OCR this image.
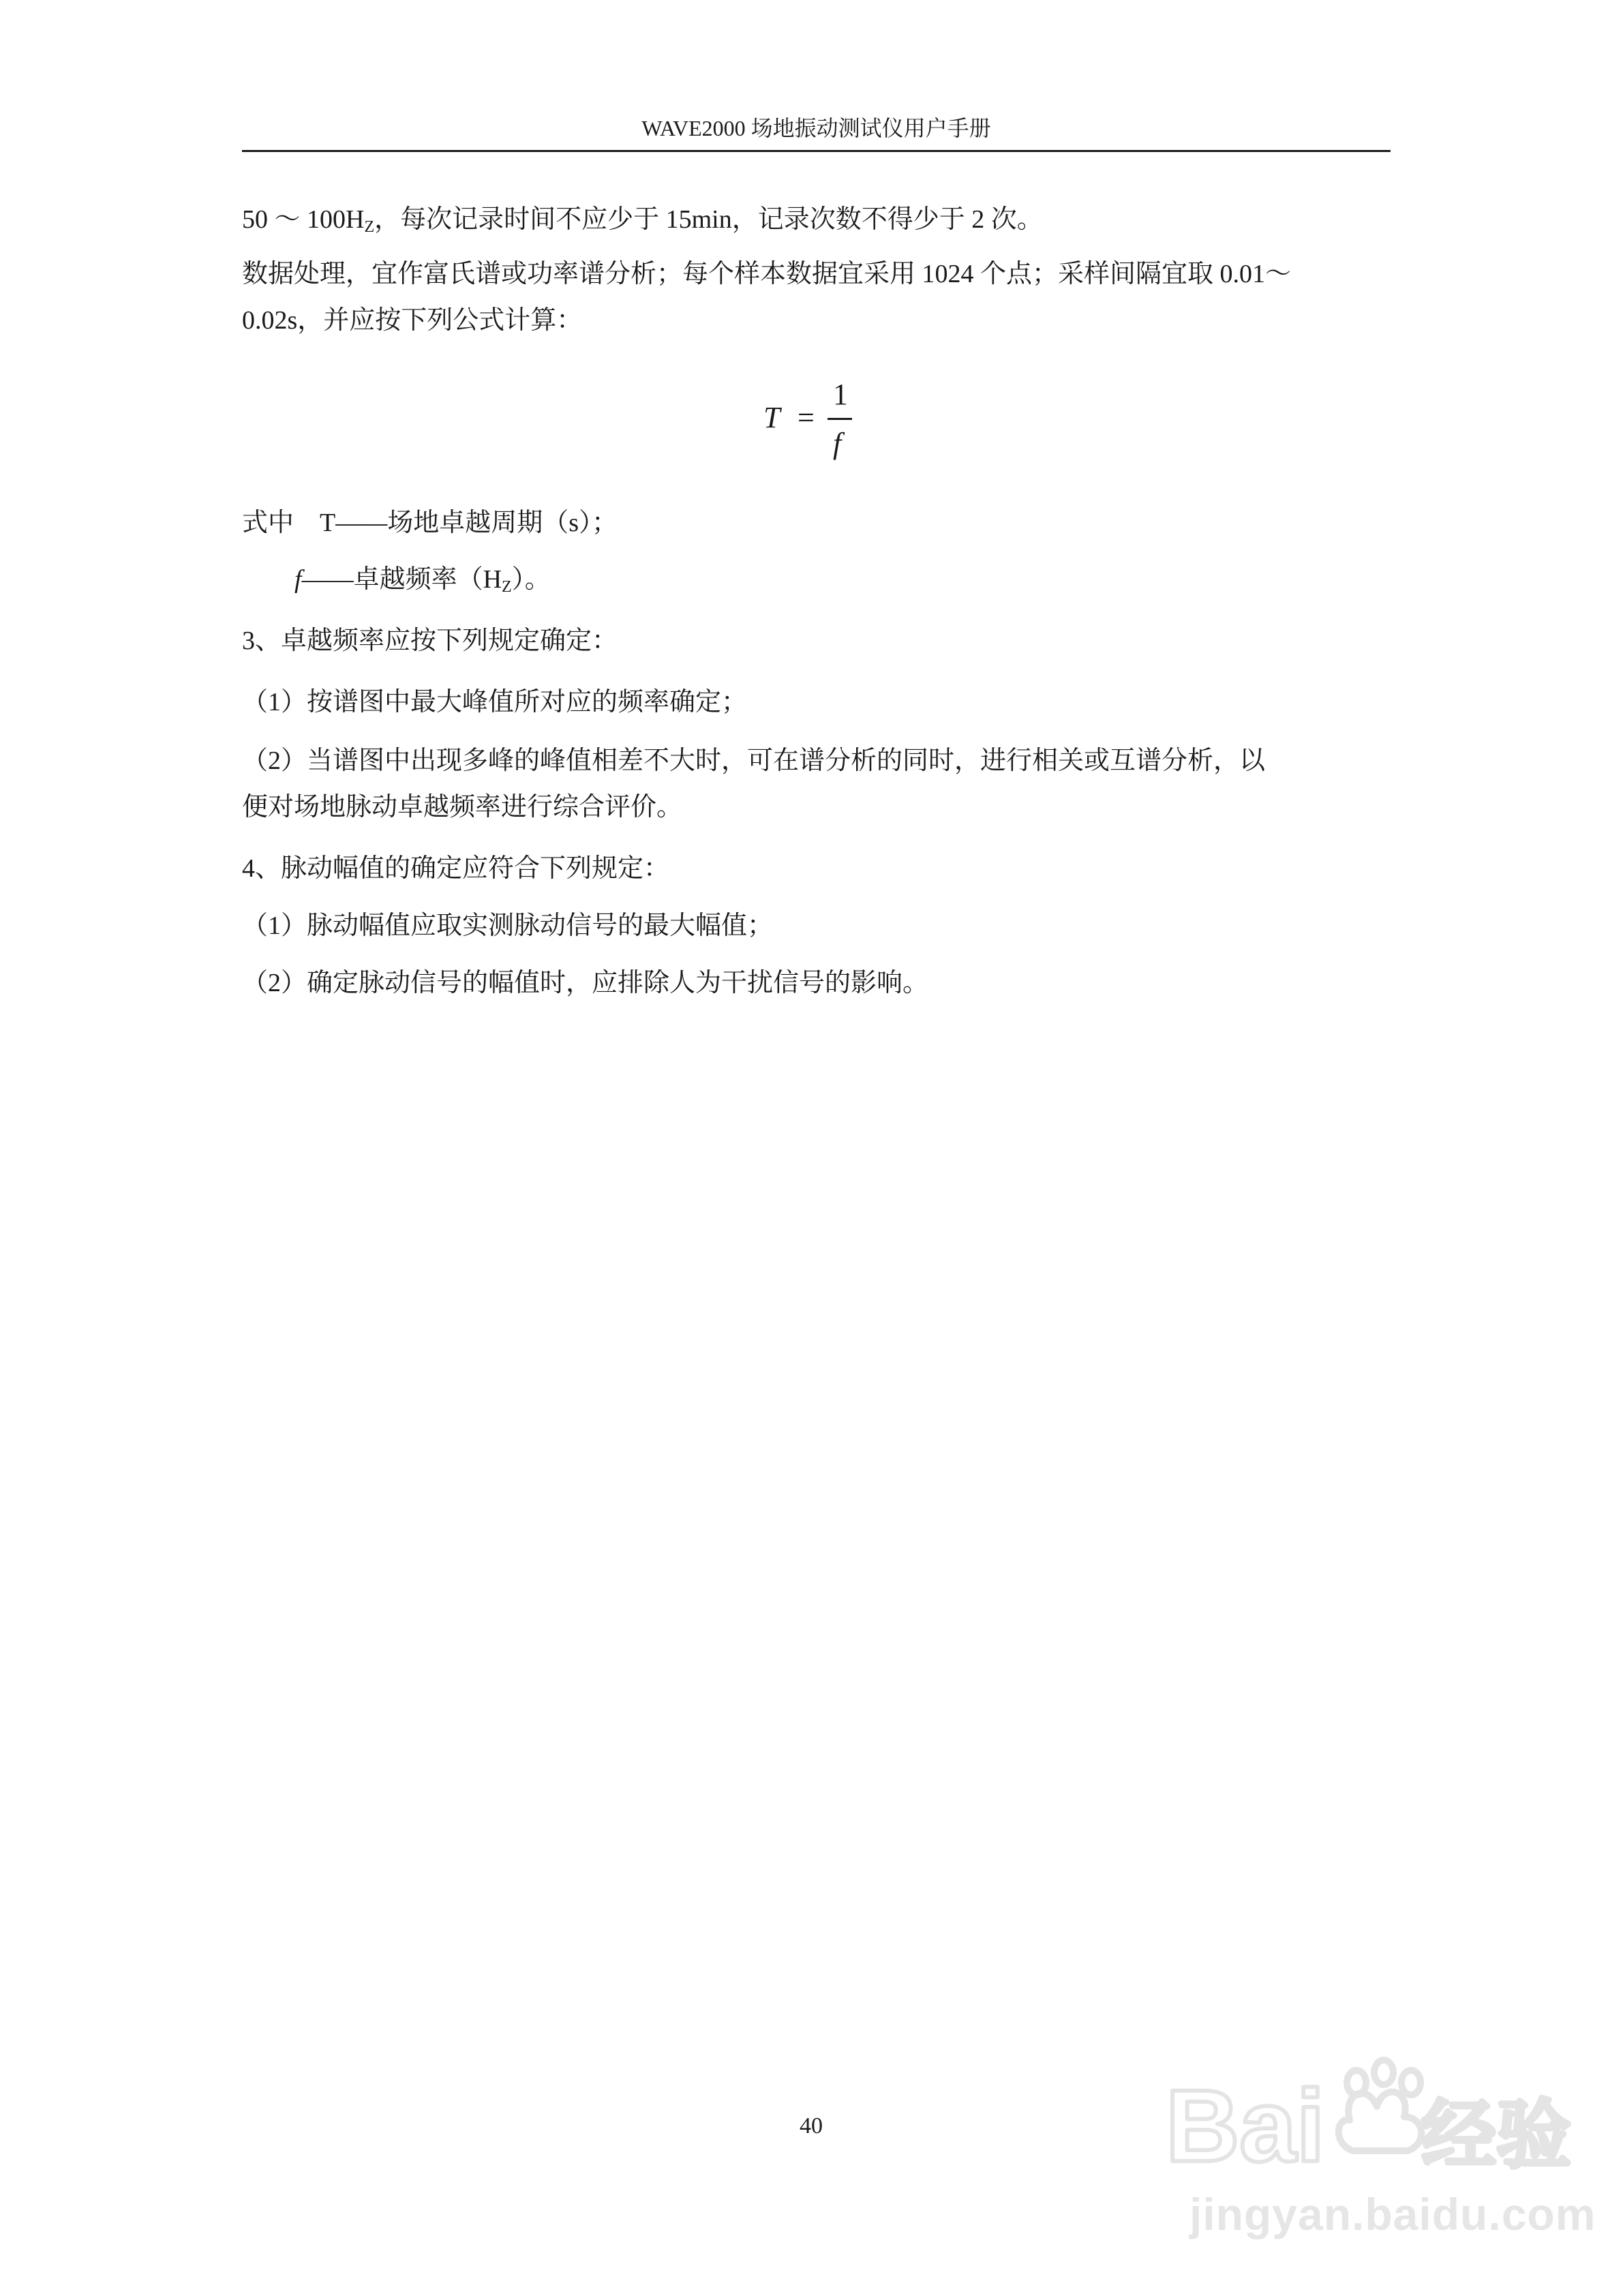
WAVE2000 场地振动测试仪用户手册
50 ～ $100H_Z$，每次记录时间不应少于 15min，记录次数不得少于 2 次。
数据处理，宜作富氏谱或功率谱分析；每个样本数据宜采用 1024 个点；采样间隔宜取 0.01～
0.02s，并应按下列公式计算：
T =
1
f
式中　T——场地卓越周期（s）；
f——卓越频率$(H_Z)$。
3、卓越频率应按下列规定确定：
（1）按谱图中最大峰值所对应的频率确定；
（2）当谱图中出现多峰的峰值相差不大时，可在谱分析的同时，进行相关或互谱分析，以
便对场地脉动卓越频率进行综合评价。
4、脉动幅值的确定应符合下列规定：
（1）脉动幅值应取实测脉动信号的最大幅值；
（2）确定脉动信号的幅值时，应排除人为干扰信号的影响。
40	Bai 经验
jingyan.baidu.com
